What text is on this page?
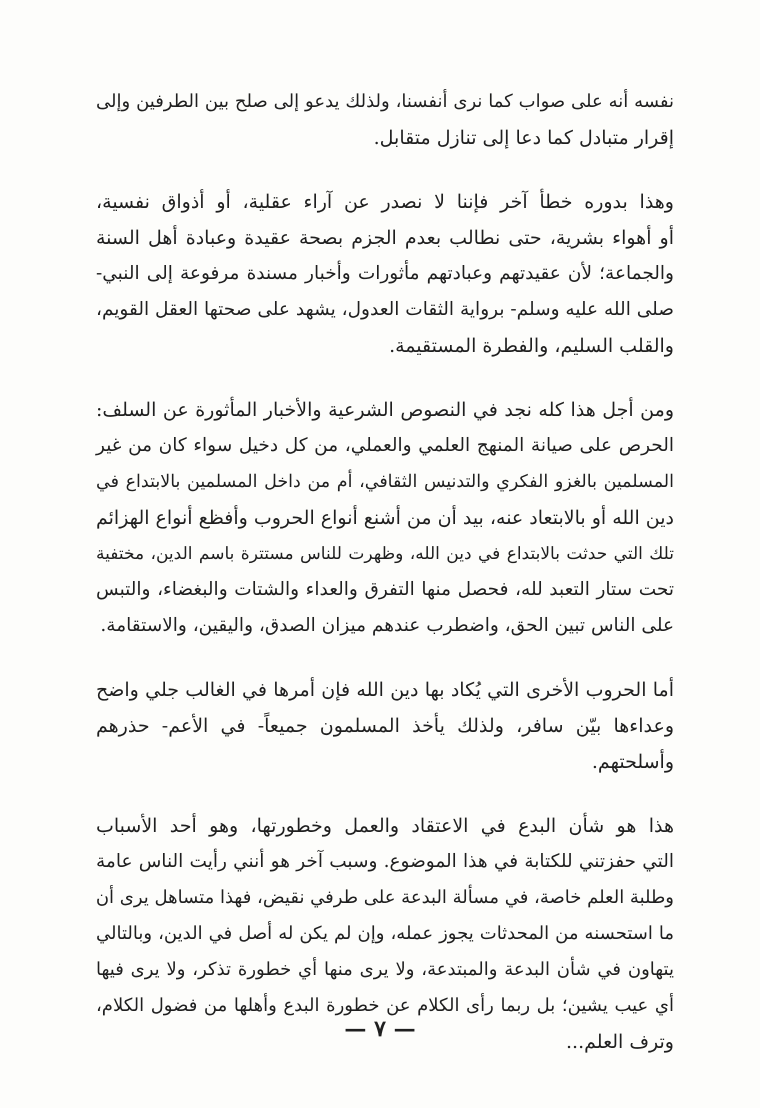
نفسه أنه على صواب كما نرى أنفسنا، ولذلك يدعو إلى صلح بين الطرفين وإلى
إقرار متبادل كما دعا إلى تنازل متقابل.

وهذا بدوره خطأ آخر فإننا لا نصدر عن آراء عقلية، أو أذواق نفسية،
أو أهواء بشرية، حتى نطالب بعدم الجزم بصحة عقيدة وعبادة أهل السنة
والجماعة؛ لأن عقيدتهم وعبادتهم مأثورات وأخبار مسندة مرفوعة إلى النبي-
صلى الله عليه وسلم- برواية الثقات العدول، يشهد على صحتها العقل القويم،
والقلب السليم، والفطرة المستقيمة.

ومن أجل هذا كله نجد في النصوص الشرعية والأخبار المأثورة عن السلف:
الحرص على صيانة المنهج العلمي والعملي، من كل دخيل سواء كان من غير
المسلمين بالغزو الفكري والتدنيس الثقافي، أم من داخل المسلمين بالابتداع في
دين الله أو بالابتعاد عنه، بيد أن من أشنع أنواع الحروب وأفظع أنواع الهزائم
تلك التي حدثت بالابتداع في دين الله، وظهرت للناس مستترة باسم الدين، مختفية
تحت ستار التعبد لله، فحصل منها التفرق والعداء والشتات والبغضاء، والتبس
على الناس تبين الحق، واضطرب عندهم ميزان الصدق، واليقين، والاستقامة.

أما الحروب الأخرى التي يُكاد بها دين الله فإن أمرها في الغالب جلي واضح
وعداءها بيّن سافر، ولذلك يأخذ المسلمون جميعاً- في الأعم- حذرهم
وأسلحتهم.

هذا هو شأن البدع في الاعتقاد والعمل وخطورتها، وهو أحد الأسباب
التي حفزتني للكتابة في هذا الموضوع. وسبب آخر هو أنني رأيت الناس عامة
وطلبة العلم خاصة، في مسألة البدعة على طرفي نقيض، فهذا متساهل يرى أن
ما استحسنه من المحدثات يجوز عمله، وإن لم يكن له أصل في الدين، وبالتالي
يتهاون في شأن البدعة والمبتدعة، ولا يرى منها أي خطورة تذكر، ولا يرى فيها
أي عيب يشين؛ بل ربما رأى الكلام عن خطورة البدع وأهلها من فضول الكلام،
وترف العلم...

— ٧ —
